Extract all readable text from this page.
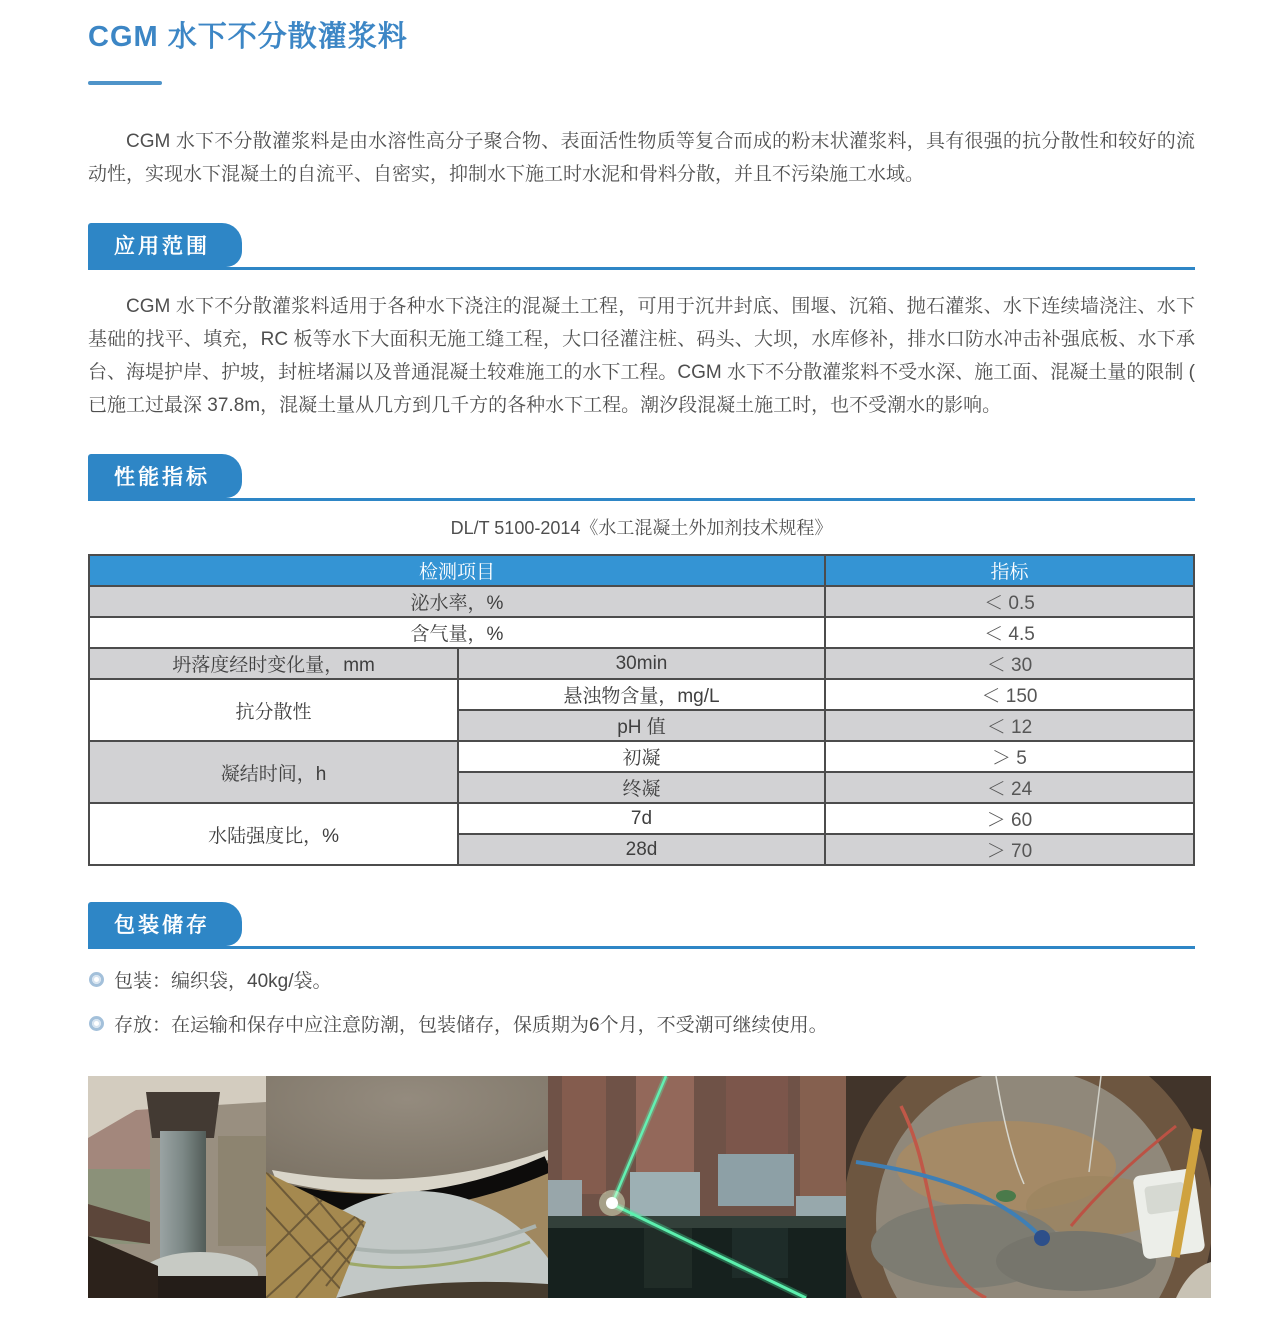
CGM 水下不分散灌浆料

CGM 水下不分散灌浆料是由水溶性高分子聚合物、表面活性物质等复合而成的粉末状灌浆料，具有很强的抗分散性和较好的流动性，实现水下混凝土的自流平、自密实，抑制水下施工时水泥和骨料分散，并且不污染施工水域。

应用范围

CGM 水下不分散灌浆料适用于各种水下浇注的混凝土工程，可用于沉井封底、围堰、沉箱、抛石灌浆、水下连续墙浇注、水下基础的找平、填充，RC 板等水下大面积无施工缝工程，大口径灌注桩、码头、大坝，水库修补，排水口防水冲击补强底板、水下承台、海堤护岸、护坡，封桩堵漏以及普通混凝土较难施工的水下工程。CGM 水下不分散灌浆料不受水深、施工面、混凝土量的限制 ( 已施工过最深 37.8m，混凝土量从几方到几千方的各种水下工程。潮汐段混凝土施工时，也不受潮水的影响。

性能指标
DL/T 5100-2014《水工混凝土外加剂技术规程》
检测项目		指标
泌水率，%		＜ 0.5
含气量，%		＜ 4.5
坍落度经时变化量，mm	30min	＜ 30
抗分散性	悬浊物含量，mg/L	＜ 150
	pH 值	＜ 12
凝结时间，h	初凝	＞ 5
	终凝	＜ 24
水陆强度比，%	7d	＞ 60
	28d	＞ 70
包装储存
包装：编织袋，40kg/袋。
存放：在运输和保存中应注意防潮，包装储存，保质期为6个月，不受潮可继续使用。
